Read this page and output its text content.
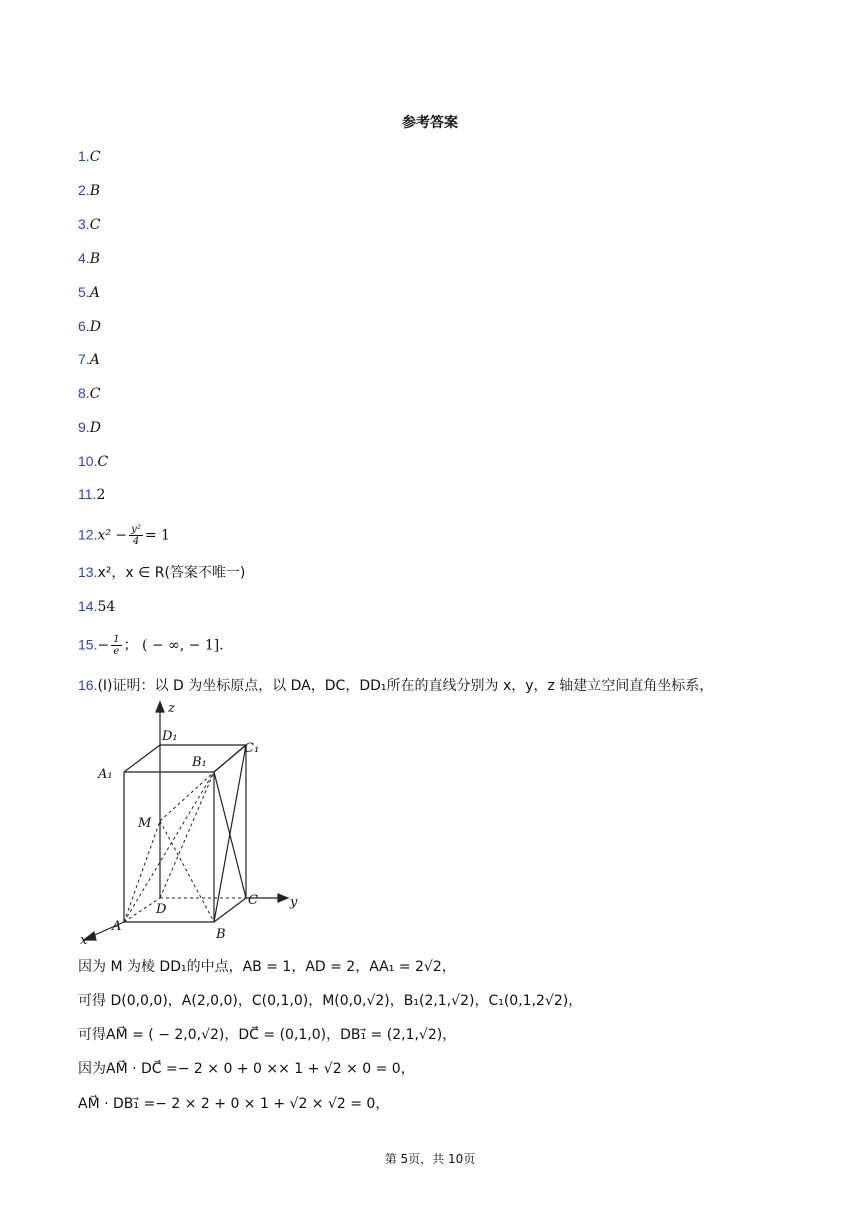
参考答案
1.C
2.B
3.C
4.B
5.A
6.D
7.A
8.C
9.D
10.C
11.2
$12.x^2 - \frac{\text{y²}}{4} = 1$
13.x²，x ∈ R(答案不唯一)
14.54
$15.- \frac{1}{e}$ ； ( − ∞, − 1].
16.(Ⅰ)证明：以 D 为坐标原点，以 DA，DC，DD₁所在的直线分别为 x，y，z 轴建立空间直角坐标系，
z
y
x
D₁
C₁
A₁
B₁
M
D
C
A
B
因为 M 为棱 DD₁的中点，AB = 1，AD = 2，AA₁ = 2√2，
可得 D(0,0,0)，A(2,0,0)，C(0,1,0)，M(0,0,√2)，B₁(2,1,√2)，C₁(0,1,2√2)，
可得AM⃗ = ( − 2,0,√2)，DC⃗ = (0,1,0)，DB₁⃗ = (2,1,√2)，
因为AM⃗ · DC⃗ =− 2 × 0 + 0 ×× 1 + √2 × 0 = 0，
AM⃗ · DB₁⃗ =− 2 × 2 + 0 × 1 + √2 × √2 = 0，
第 5页，共 10页
